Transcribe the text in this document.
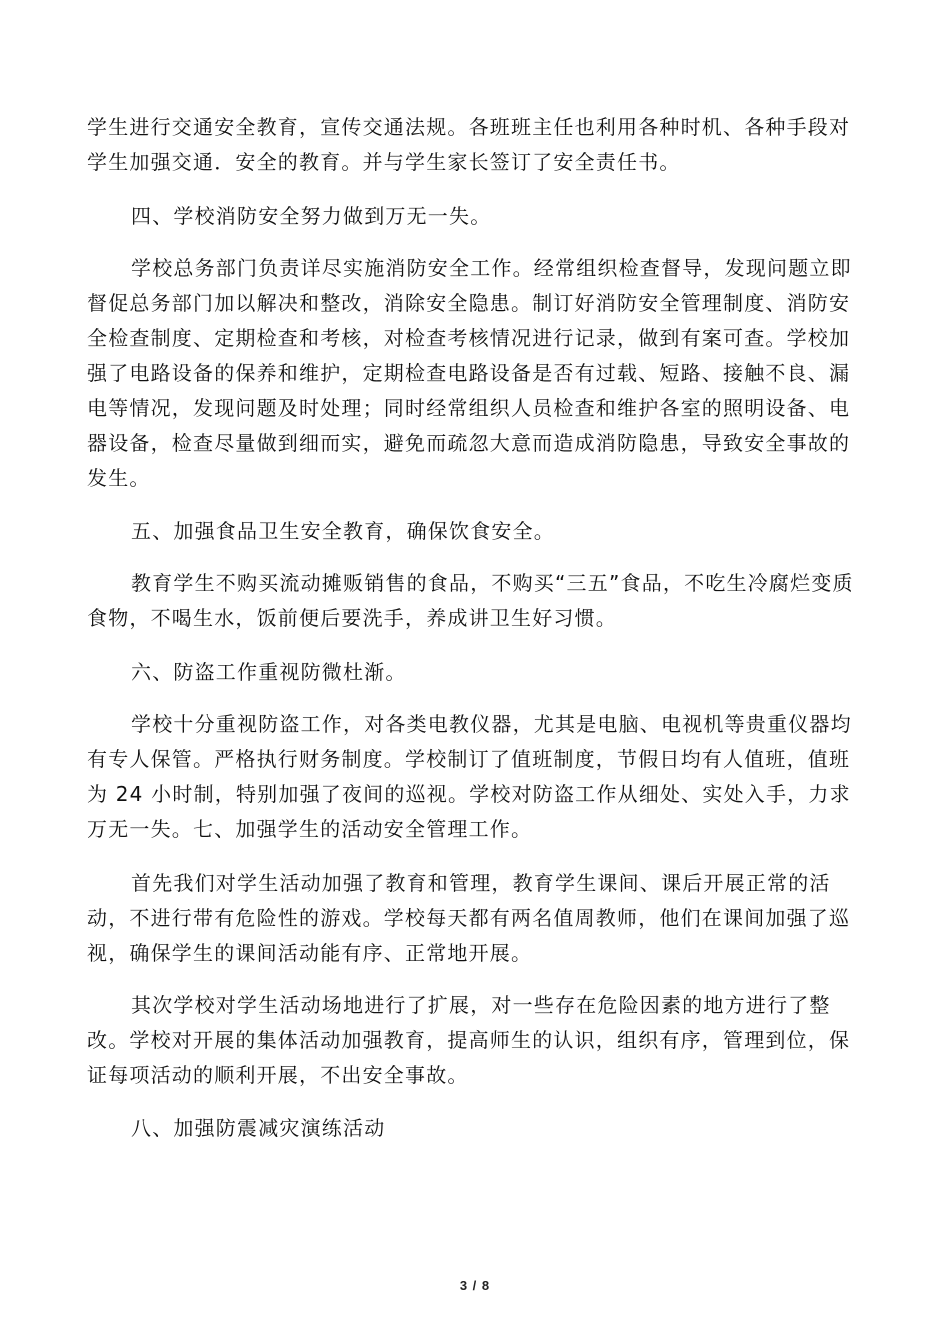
学生进行交通安全教育，宣传交通法规。各班班主任也利用各种时机、各种手段对学生加强交通．安全的教育。并与学生家长签订了安全责任书。

四、学校消防安全努力做到万无一失。

学校总务部门负责详尽实施消防安全工作。经常组织检查督导，发现问题立即督促总务部门加以解决和整改，消除安全隐患。制订好消防安全管理制度、消防安全检查制度、定期检查和考核，对检查考核情况进行记录，做到有案可查。学校加强了电路设备的保养和维护，定期检查电路设备是否有过载、短路、接触不良、漏电等情况，发现问题及时处理；同时经常组织人员检查和维护各室的照明设备、电器设备，检查尽量做到细而实，避免而疏忽大意而造成消防隐患，导致安全事故的发生。

五、加强食品卫生安全教育，确保饮食安全。

教育学生不购买流动摊贩销售的食品，不购买“三五”食品，不吃生冷腐烂变质食物，不喝生水，饭前便后要洗手，养成讲卫生好习惯。

六、防盗工作重视防微杜渐。

学校十分重视防盗工作，对各类电教仪器，尤其是电脑、电视机等贵重仪器均有专人保管。严格执行财务制度。学校制订了值班制度，节假日均有人值班，值班为 24 小时制，特别加强了夜间的巡视。学校对防盗工作从细处、实处入手，力求万无一失。七、加强学生的活动安全管理工作。

首先我们对学生活动加强了教育和管理，教育学生课间、课后开展正常的活动，不进行带有危险性的游戏。学校每天都有两名值周教师，他们在课间加强了巡视，确保学生的课间活动能有序、正常地开展。

其次学校对学生活动场地进行了扩展，对一些存在危险因素的地方进行了整改。学校对开展的集体活动加强教育，提高师生的认识，组织有序，管理到位，保证每项活动的顺利开展，不出安全事故。

八、加强防震减灾演练活动

3 / 8
